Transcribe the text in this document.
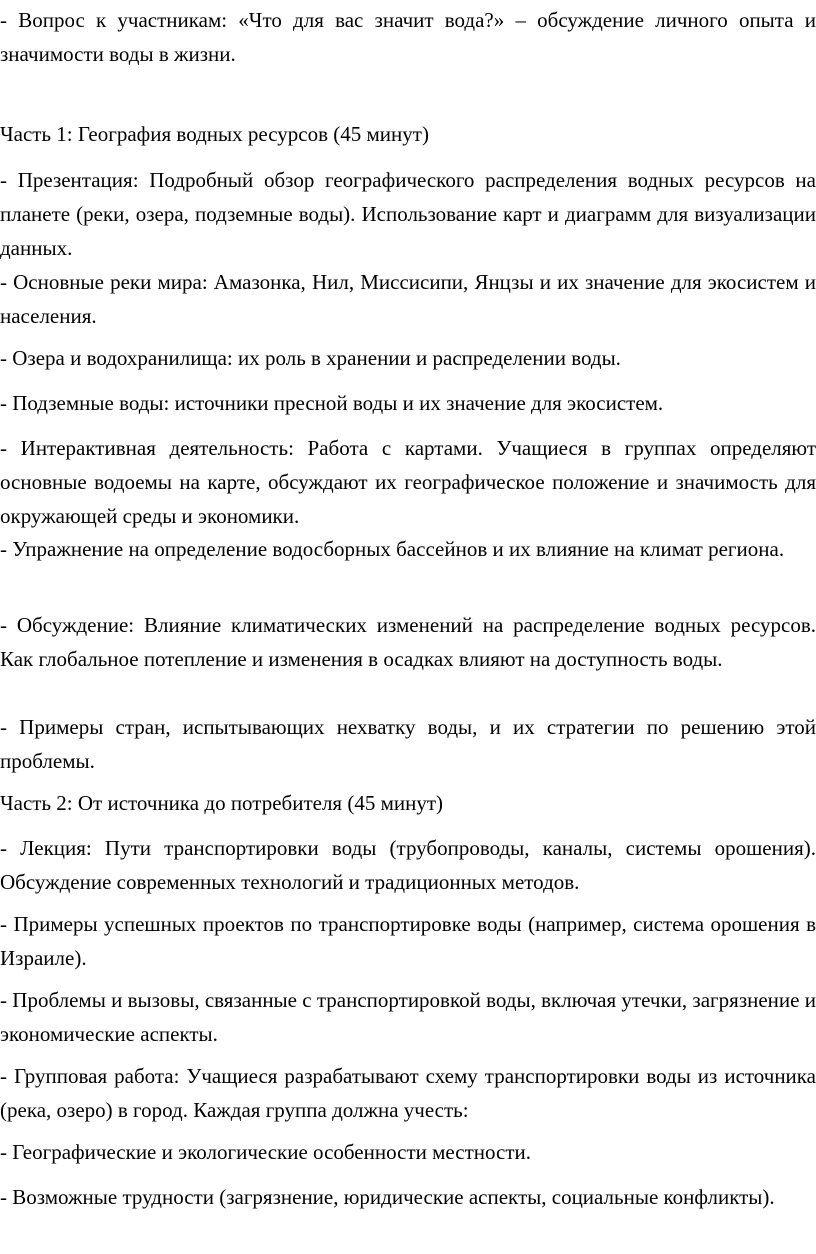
- Вопрос к участникам: «Что для вас значит вода?» – обсуждение личного опыта и значимости воды в жизни.

Часть 1: География водных ресурсов (45 минут)

- Презентация: Подробный обзор географического распределения водных ресурсов на планете (реки, озера, подземные воды). Использование карт и диаграмм для визуализации данных.

- Основные реки мира: Амазонка, Нил, Миссисипи, Янцзы и их значение для экосистем и населения.

- Озера и водохранилища: их роль в хранении и распределении воды.

- Подземные воды: источники пресной воды и их значение для экосистем.

- Интерактивная деятельность: Работа с картами. Учащиеся в группах определяют основные водоемы на карте, обсуждают их географическое положение и значимость для окружающей среды и экономики.

- Упражнение на определение водосборных бассейнов и их влияние на климат региона.

- Обсуждение: Влияние климатических изменений на распределение водных ресурсов. Как глобальное потепление и изменения в осадках влияют на доступность воды.

- Примеры стран, испытывающих нехватку воды, и их стратегии по решению этой проблемы.

Часть 2: От источника до потребителя (45 минут)

- Лекция: Пути транспортировки воды (трубопроводы, каналы, системы орошения). Обсуждение современных технологий и традиционных методов.

- Примеры успешных проектов по транспортировке воды (например, система орошения в Израиле).

- Проблемы и вызовы, связанные с транспортировкой воды, включая утечки, загрязнение и экономические аспекты.

- Групповая работа: Учащиеся разрабатывают схему транспортировки воды из источника (река, озеро) в город. Каждая группа должна учесть:

- Географические и экологические особенности местности.

- Возможные трудности (загрязнение, юридические аспекты, социальные конфликты).
